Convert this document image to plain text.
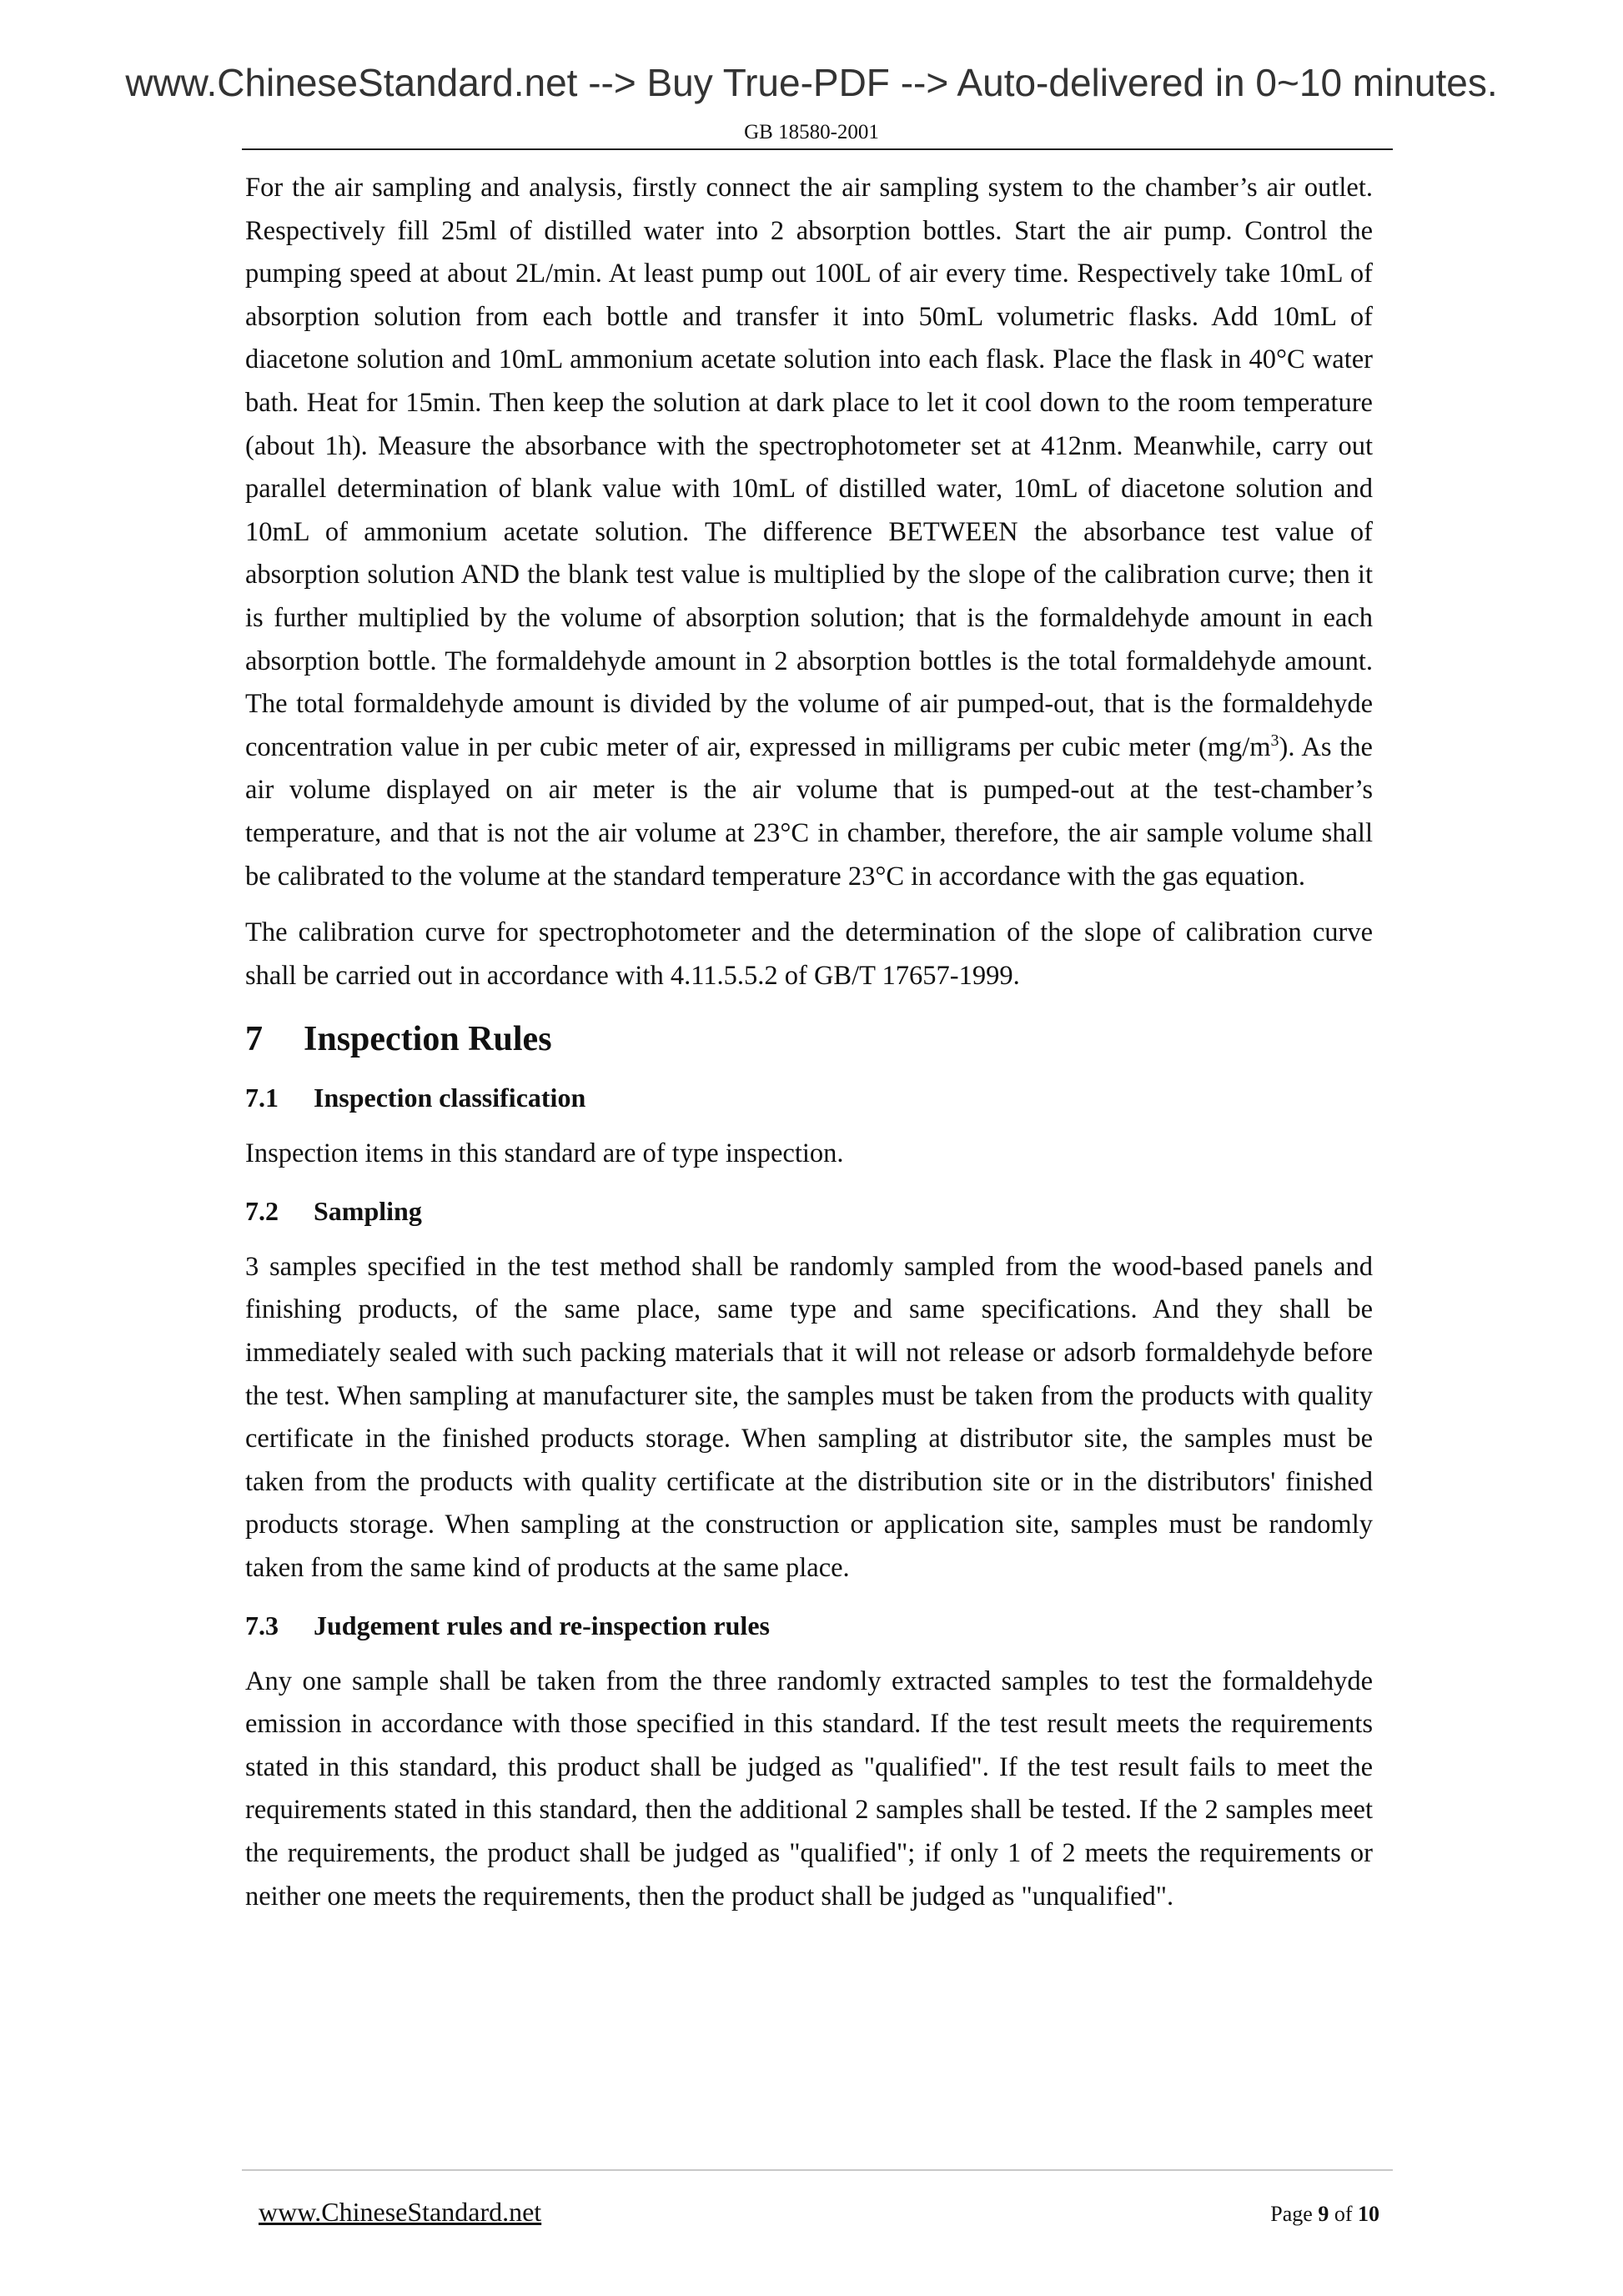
www.ChineseStandard.net --> Buy True-PDF --> Auto-delivered in 0~10 minutes.
GB 18580-2001

For the air sampling and analysis, firstly connect the air sampling system to the chamber’s air outlet. Respectively fill 25ml of distilled water into 2 absorption bottles. Start the air pump. Control the pumping speed at about 2L/min. At least pump out 100L of air every time. Respectively take 10mL of absorption solution from each bottle and transfer it into 50mL volumetric flasks. Add 10mL of diacetone solution and 10mL ammonium acetate solution into each flask. Place the flask in 40°C water bath. Heat for 15min. Then keep the solution at dark place to let it cool down to the room temperature (about 1h). Measure the absorbance with the spectrophotometer set at 412nm. Meanwhile, carry out parallel determination of blank value with 10mL of distilled water, 10mL of diacetone solution and 10mL of ammonium acetate solution. The difference BETWEEN the absorbance test value of absorption solution AND the blank test value is multiplied by the slope of the calibration curve; then it is further multiplied by the volume of absorption solution; that is the formaldehyde amount in each absorption bottle. The formaldehyde amount in 2 absorption bottles is the total formaldehyde amount. The total formaldehyde amount is divided by the volume of air pumped-out, that is the formaldehyde concentration value in per cubic meter of air, expressed in milligrams per cubic meter $(mg/m^3)$. As the air volume displayed on air meter is the air volume that is pumped-out at the test-chamber’s temperature, and that is not the air volume at 23°C in chamber, therefore, the air sample volume shall be calibrated to the volume at the standard temperature 23°C in accordance with the gas equation.

The calibration curve for spectrophotometer and the determination of the slope of calibration curve shall be carried out in accordance with 4.11.5.5.2 of GB/T 17657-1999.

7 Inspection Rules
7.1 Inspection classification

Inspection items in this standard are of type inspection.

7.2 Sampling

3 samples specified in the test method shall be randomly sampled from the wood-based panels and finishing products, of the same place, same type and same specifications. And they shall be immediately sealed with such packing materials that it will not release or adsorb formaldehyde before the test. When sampling at manufacturer site, the samples must be taken from the products with quality certificate in the finished products storage. When sampling at distributor site, the samples must be taken from the products with quality certificate at the distribution site or in the distributors' finished products storage. When sampling at the construction or application site, samples must be randomly taken from the same kind of products at the same place.

7.3 Judgement rules and re-inspection rules

Any one sample shall be taken from the three randomly extracted samples to test the formaldehyde emission in accordance with those specified in this standard. If the test result meets the requirements stated in this standard, this product shall be judged as "qualified". If the test result fails to meet the requirements stated in this standard, then the additional 2 samples shall be tested. If the 2 samples meet the requirements, the product shall be judged as "qualified"; if only 1 of 2 meets the requirements or neither one meets the requirements, then the product shall be judged as "unqualified".

www.ChineseStandard.net	Page 9 of 10
